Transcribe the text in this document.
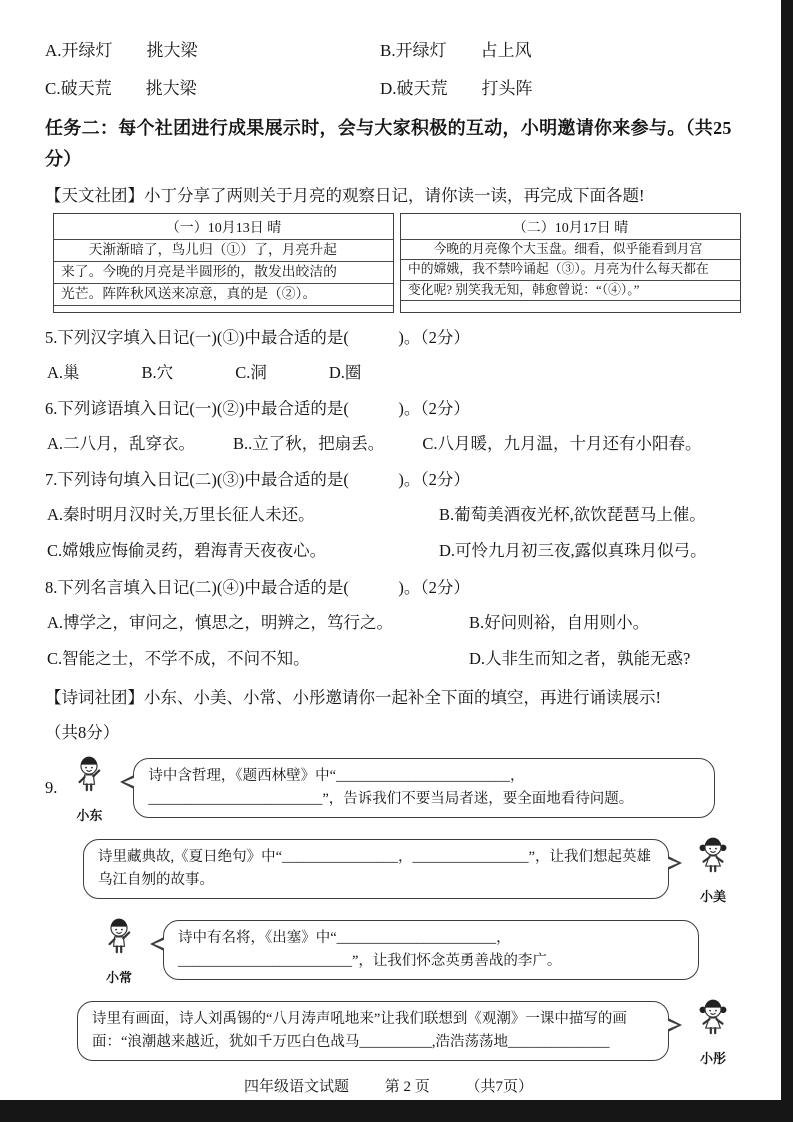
A.开绿灯　　挑大梁	B.开绿灯　　占上风
C.破天荒　　挑大梁	D.破天荒　　打头阵
任务二：每个社团进行成果展示时，会与大家积极的互动，小明邀请你来参与。（共25分）

【天文社团】小丁分享了两则关于月亮的观察日记，请你读一读，再完成下面各题!

（一）10月13日 晴
　　天渐渐暗了，鸟儿归（①）了，月亮升起
来了。今晚的月亮是半圆形的，散发出皎洁的
光芒。阵阵秋风送来凉意，真的是（②）。
（二）10月17日 晴
　　今晚的月亮像个大玉盘。细看，似乎能看到月宫
中的嫦娥，我不禁吟诵起（③）。月亮为什么每天都在
变化呢? 别笑我无知，韩愈曾说：“（④）。”
5.下列汉字填入日记(一)(①)中最合适的是(　　　)。（2分）
A.巢	B.穴	C.洞	D.圈
6.下列谚语填入日记(一)(②)中最合适的是(　　　)。（2分）
A.二八月，乱穿衣。 B..立了秋，把扇丢。 C.八月暖，九月温，十月还有小阳春。
7.下列诗句填入日记(二)(③)中最合适的是(　　　)。（2分）
A.秦时明月汉时关,万里长征人未还。	B.葡萄美酒夜光杯,欲饮琵琶马上催。
C.嫦娥应悔偷灵药，碧海青天夜夜心。	D.可怜九月初三夜,露似真珠月似弓。
8.下列名言填入日记(二)(④)中最合适的是(　　　)。（2分）
A.博学之，审问之，慎思之，明辨之，笃行之。	B.好问则裕，自用则小。
C.智能之士，不学不成，不问不知。	D.人非生而知之者，孰能无惑?

【诗词社团】小东、小美、小常、小彤邀请你一起补全下面的填空，再进行诵读展示!

（共8分）

9.
小东
诗中含哲理，《题西林壁》中“________________________，________________________”，告诉我们不要当局者迷，要全面地看待问题。
诗里藏典故,《夏日绝句》中“________________，________________”，让我们想起英雄乌江自刎的故事。
小美
小常
诗中有名将，《出塞》中“______________________，________________________”，让我们怀念英勇善战的李广。
诗里有画面，诗人刘禹锡的“八月涛声吼地来”让我们联想到《观潮》一课中描写的画面：“浪潮越来越近，犹如千万匹白色战马__________,浩浩荡荡地______________
小彤
四年级语文试题 第 2 页 （共7页）
